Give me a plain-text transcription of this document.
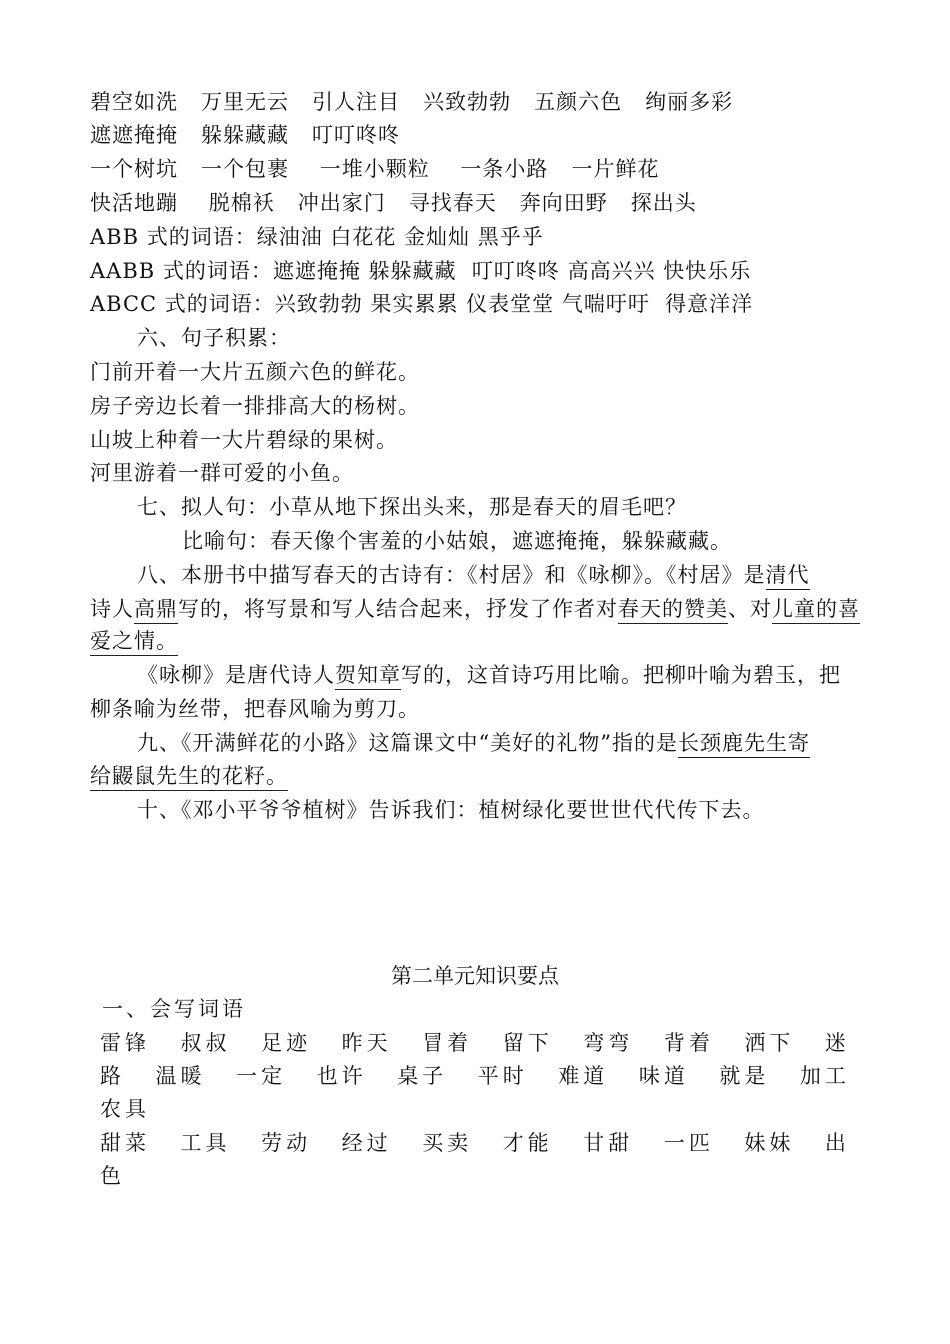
碧空如洗   万里无云   引人注目   兴致勃勃   五颜六色   绚丽多彩
遮遮掩掩   躲躲藏藏   叮叮咚咚
一个树坑   一个包裹    一堆小颗粒    一条小路   一片鲜花
快活地蹦    脱棉袄   冲出家门   寻找春天   奔向田野   探出头
ABB 式的词语：绿油油 白花花 金灿灿 黑乎乎
AABB 式的词语：遮遮掩掩 躲躲藏藏  叮叮咚咚 高高兴兴 快快乐乐
ABCC 式的词语：兴致勃勃 果实累累 仪表堂堂 气喘吁吁  得意洋洋
六、句子积累：
门前开着一大片五颜六色的鲜花。
房子旁边长着一排排高大的杨树。
山坡上种着一大片碧绿的果树。
河里游着一群可爱的小鱼。
七、拟人句：小草从地下探出头来，那是春天的眉毛吧？
比喻句：春天像个害羞的小姑娘，遮遮掩掩，躲躲藏藏。
八、本册书中描写春天的古诗有：《村居》和《咏柳》。《村居》是清代
诗人高鼎写的，将写景和写人结合起来，抒发了作者对春天的赞美、对儿童的喜
爱之情。
《咏柳》是唐代诗人贺知章写的，这首诗巧用比喻。把柳叶喻为碧玉，把
柳条喻为丝带，把春风喻为剪刀。
九、《开满鲜花的小路》这篇课文中“美好的礼物”指的是长颈鹿先生寄
给鼹鼠先生的花籽。
十、《邓小平爷爷植树》告诉我们：植树绿化要世世代代传下去。
第二单元知识要点
一、会写词语
雷锋 叔叔 足迹 昨天 冒着 留下 弯弯 背着 洒下 迷
路 温暖 一定 也许 桌子 平时 难道 味道 就是 加工
农具
甜菜 工具 劳动 经过 买卖 才能 甘甜 一匹 妹妹 出
色
